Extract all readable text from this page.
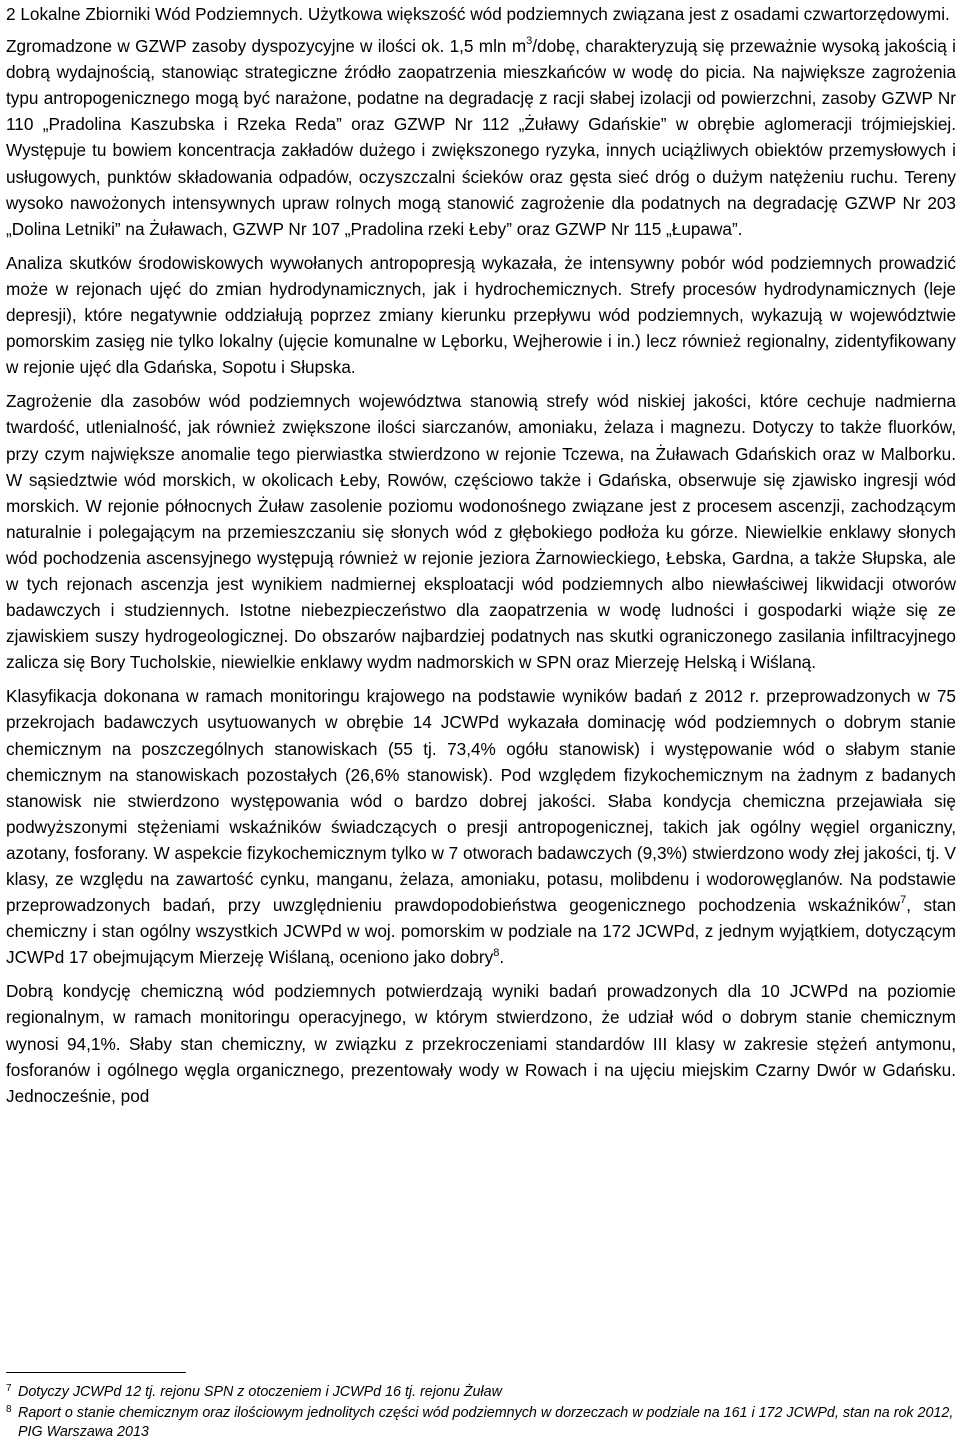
2 Lokalne Zbiorniki Wód Podziemnych. Użytkowa większość wód podziemnych związana jest z osadami czwartorzędowymi.

Zgromadzone w GZWP zasoby dyspozycyjne w ilości ok. 1,5 mln $m^3$/dobę, charakteryzują się przeważnie wysoką jakością i dobrą wydajnością, stanowiąc strategiczne źródło zaopatrzenia mieszkańców w wodę do picia. Na największe zagrożenia typu antropogenicznego mogą być narażone, podatne na degradację z racji słabej izolacji od powierzchni, zasoby GZWP Nr 110 „Pradolina Kaszubska i Rzeka Reda” oraz GZWP Nr 112 „Żuławy Gdańskie” w obrębie aglomeracji trójmiejskiej. Występuje tu bowiem koncentracja zakładów dużego i zwiększonego ryzyka, innych uciążliwych obiektów przemysłowych i usługowych, punktów składowania odpadów, oczyszczalni ścieków oraz gęsta sieć dróg o dużym natężeniu ruchu. Tereny wysoko nawożonych intensywnych upraw rolnych mogą stanowić zagrożenie dla podatnych na degradację GZWP Nr 203 „Dolina Letniki” na Żuławach, GZWP Nr 107 „Pradolina rzeki Łeby” oraz GZWP Nr 115 „Łupawa”.

Analiza skutków środowiskowych wywołanych antropopresją wykazała, że intensywny pobór wód podziemnych prowadzić może w rejonach ujęć do zmian hydrodynamicznych, jak i hydrochemicznych. Strefy procesów hydrodynamicznych (leje depresji), które negatywnie oddziałują poprzez zmiany kierunku przepływu wód podziemnych, wykazują w województwie pomorskim zasięg nie tylko lokalny (ujęcie komunalne w Lęborku, Wejherowie i in.) lecz również regionalny, zidentyfikowany w rejonie ujęć dla Gdańska, Sopotu i Słupska.

Zagrożenie dla zasobów wód podziemnych województwa stanowią strefy wód niskiej jakości, które cechuje nadmierna twardość, utlenialność, jak również zwiększone ilości siarczanów, amoniaku, żelaza i magnezu. Dotyczy to także fluorków, przy czym największe anomalie tego pierwiastka stwierdzono w rejonie Tczewa, na Żuławach Gdańskich oraz w Malborku. W sąsiedztwie wód morskich, w okolicach Łeby, Rowów, częściowo także i Gdańska, obserwuje się zjawisko ingresji wód morskich. W rejonie północnych Żuław zasolenie poziomu wodonośnego związane jest z procesem ascenzji, zachodzącym naturalnie i polegającym na przemieszczaniu się słonych wód z głębokiego podłoża ku górze. Niewielkie enklawy słonych wód pochodzenia ascensyjnego występują również w rejonie jeziora Żarnowieckiego, Łebska, Gardna, a także Słupska, ale w tych rejonach ascenzja jest wynikiem nadmiernej eksploatacji wód podziemnych albo niewłaściwej likwidacji otworów badawczych i studziennych. Istotne niebezpieczeństwo dla zaopatrzenia w wodę ludności i gospodarki wiąże się ze zjawiskiem suszy hydrogeologicznej. Do obszarów najbardziej podatnych nas skutki ograniczonego zasilania infiltracyjnego zalicza się Bory Tucholskie, niewielkie enklawy wydm nadmorskich w SPN oraz Mierzeję Helską i Wiślaną.

Klasyfikacja dokonana w ramach monitoringu krajowego na podstawie wyników badań z 2012 r. przeprowadzonych w 75 przekrojach badawczych usytuowanych w obrębie 14 JCWPd wykazała dominację wód podziemnych o dobrym stanie chemicznym na poszczególnych stanowiskach (55 tj. 73,4% ogółu stanowisk) i występowanie wód o słabym stanie chemicznym na stanowiskach pozostałych (26,6% stanowisk). Pod względem fizykochemicznym na żadnym z badanych stanowisk nie stwierdzono występowania wód o bardzo dobrej jakości. Słaba kondycja chemiczna przejawiała się podwyższonymi stężeniami wskaźników świadczących o presji antropogenicznej, takich jak ogólny węgiel organiczny, azotany, fosforany. W aspekcie fizykochemicznym tylko w 7 otworach badawczych (9,3%) stwierdzono wody złej jakości, tj. V klasy, ze względu na zawartość cynku, manganu, żelaza, amoniaku, potasu, molibdenu i wodorowęglanów. Na podstawie przeprowadzonych badań, przy uwzględnieniu prawdopodobieństwa geogenicznego pochodzenia wskaźników$^7$, stan chemiczny i stan ogólny wszystkich JCWPd w woj. pomorskim w podziale na 172 JCWPd, z jednym wyjątkiem, dotyczącym JCWPd 17 obejmującym Mierzeję Wiślaną, oceniono jako dobry$^8$.

Dobrą kondycję chemiczną wód podziemnych potwierdzają wyniki badań prowadzonych dla 10 JCWPd na poziomie regionalnym, w ramach monitoringu operacyjnego, w którym stwierdzono, że udział wód o dobrym stanie chemicznym wynosi 94,1%. Słaby stan chemiczny, w związku z przekroczeniami standardów III klasy w zakresie stężeń antymonu, fosforanów i ogólnego węgla organicznego, prezentowały wody w Rowach i na ujęciu miejskim Czarny Dwór w Gdańsku. Jednocześnie, pod

7 Dotyczy JCWPd 12 tj. rejonu SPN z otoczeniem i JCWPd 16 tj. rejonu Żuław
8 Raport o stanie chemicznym oraz ilościowym jednolitych części wód podziemnych w dorzeczach w podziale na 161 i 172 JCWPd, stan na rok 2012, PIG Warszawa 2013
